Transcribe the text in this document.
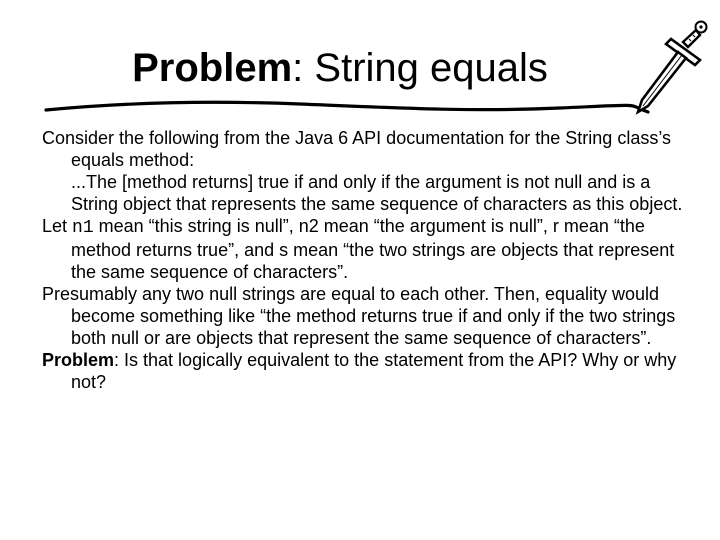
Problem: String equals

Consider the following from the Java 6 API documentation for the String class’s equals method:

...The [method returns] true if and only if the argument is not null and is a String object that represents the same sequence of characters as this object.

Let n1 mean “this string is null”, n2 mean “the argument is null”, r mean “the method returns true”, and s mean “the two strings are objects that represent the same sequence of characters”.

Presumably any two null strings are equal to each other. Then, equality would become something like “the method returns true if and only if the two strings both null or are objects that represent the same sequence of characters”.

Problem: Is that logically equivalent to the statement from the API? Why or why not?
